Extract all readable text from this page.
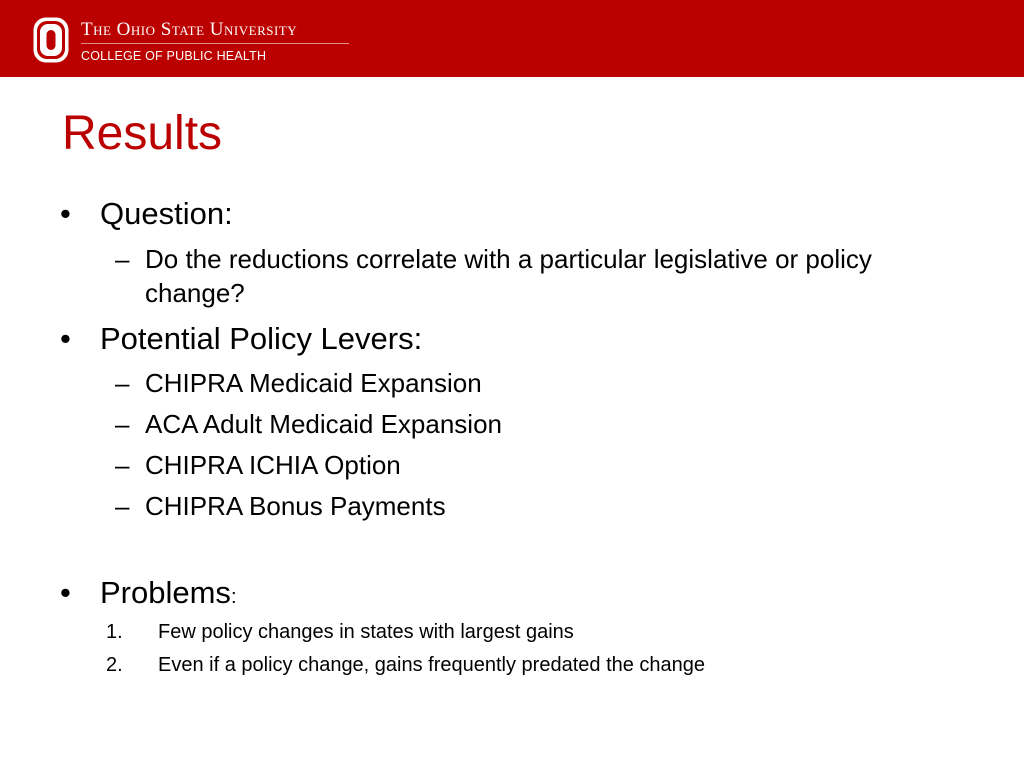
The Ohio State University
COLLEGE OF PUBLIC HEALTH
Results
• Question:
– Do the reductions correlate with a particular legislative or policy change?
• Potential Policy Levers:
– CHIPRA Medicaid Expansion
– ACA Adult Medicaid Expansion
– CHIPRA ICHIA Option
– CHIPRA Bonus Payments
• Problems:
1. Few policy changes in states with largest gains
2. Even if a policy change, gains frequently predated the change
